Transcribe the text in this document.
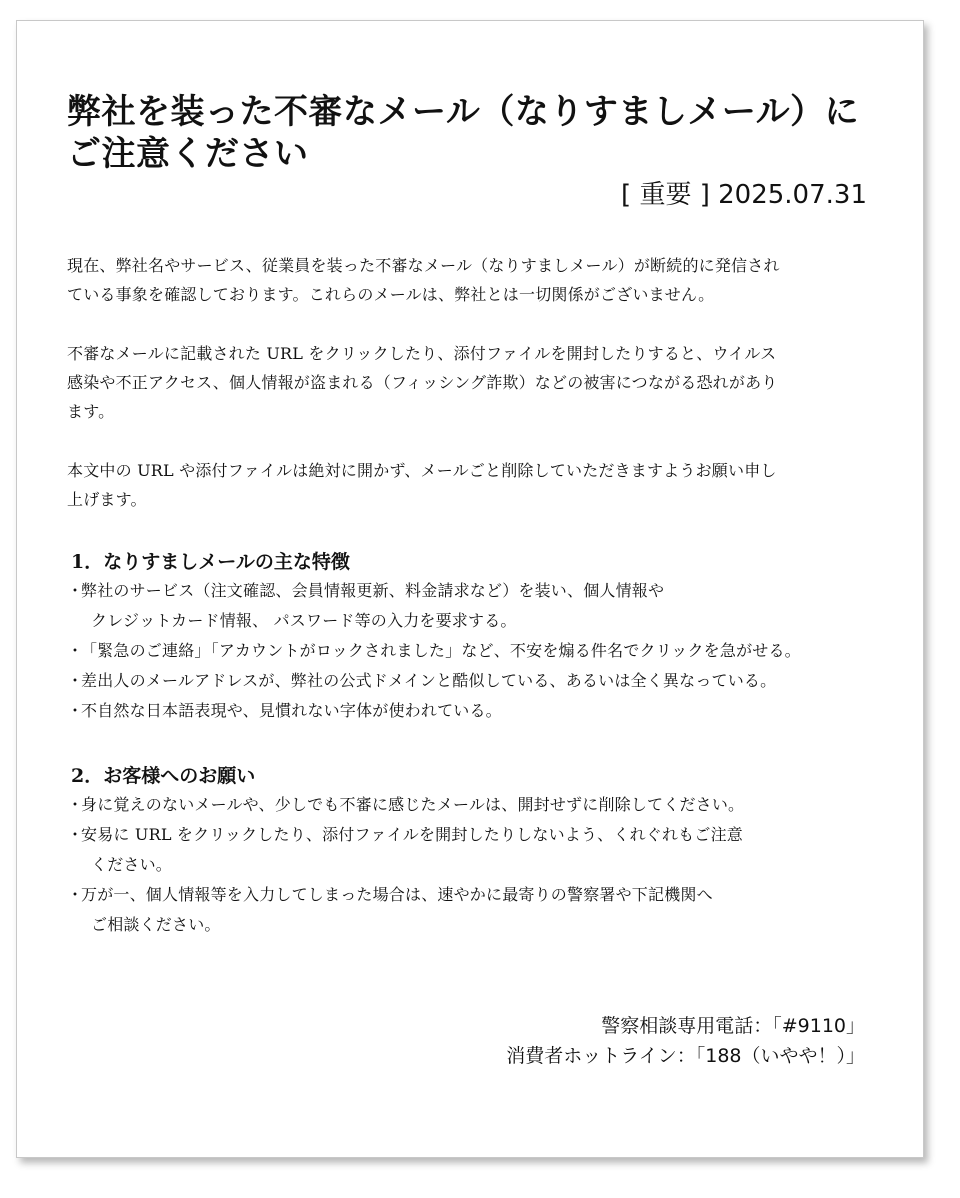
弊社を装った不審なメール（なりすましメール）に
ご注意ください
[ 重要 ] 2025.07.31

現在、弊社名やサービス、従業員を装った不審なメール（なりすましメール）が断続的に発信され
ている事象を確認しております。これらのメールは、弊社とは一切関係がございません。

不審なメールに記載された URL をクリックしたり、添付ファイルを開封したりすると、ウイルス
感染や不正アクセス、個人情報が盗まれる（フィッシング詐欺）などの被害につながる恐れがあり
ます。

本文中の URL や添付ファイルは絶対に開かず、メールごと削除していただきますようお願い申し
上げます。

1．なりすましメールの主な特徴
・
弊社のサービス（注文確認、会員情報更新、料金請求など）を装い、個人情報や
クレジットカード情報、 パスワード等の入力を要求する。
・
「緊急のご連絡」「アカウントがロックされました」など、不安を煽る件名でクリックを急がせる。
・
差出人のメールアドレスが、弊社の公式ドメインと酷似している、あるいは全く異なっている。
・
不自然な日本語表現や、見慣れない字体が使われている。
2．お客様へのお願い
・
身に覚えのないメールや、少しでも不審に感じたメールは、開封せずに削除してください。
・
安易に URL をクリックしたり、添付ファイルを開封したりしないよう、くれぐれもご注意
ください。
・
万が一、個人情報等を入力してしまった場合は、速やかに最寄りの警察署や下記機関へ
ご相談ください。
警察相談専用電話：「#9110」
消費者ホットライン：「188（いやや！）」
